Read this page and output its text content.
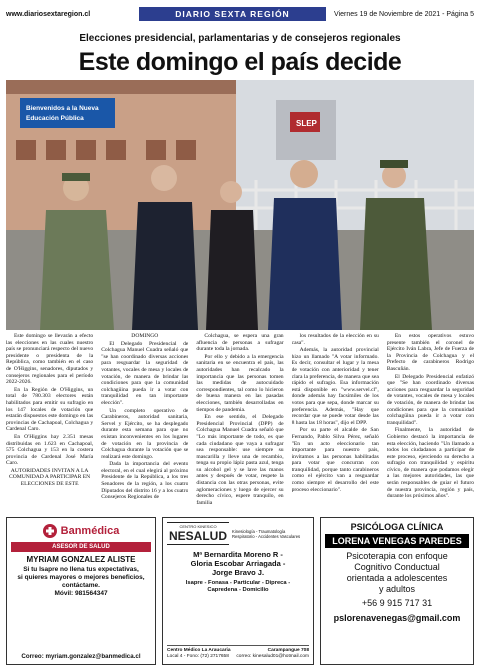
www.diariosextaregion.cl	DIARIO SEXTA REGIÓN	Viernes 19 de Noviembre de 2021 - Página 5
Elecciones presidencial, parlamentarias y de consejeros regionales
Este domingo el país decide
Bienvenidos a la Nueva
Educación Pública
SLEP

Este domingo se llevarán a efecto las elecciones en las cuales nuestro país se pronunciará respecto del nuevo presidente o presidenta de la República, como también en el caso de O'Higgins, senadores, diputados y consejeros regionales para el período 2022-2026.

En la Región de O'Higgins, un total de 780.303 electores están habilitados para emitir su sufragio en los 147 locales de votación que estarán dispuestos este domingo en las provincias de Cachapoal, Colchagua y Cardenal Caro.

En O'Higgins hay 2.351 mesas distribuidas en 1.623 en Cachapoal, 575 Colchagua y 153 en la costera provincia de Cardenal José María Caro.

AUTORIDADES INVITAN A LA COMUNIDAD A PARTICIPAR EN ELECCIONES DE ESTE

DOMINGO

El Delegado Presidencial de Colchagua Manuel Cuadra señaló que "se han coordinado diversas acciones para resguardar la seguridad de votantes, vocales de mesa y locales de votación, de manera de brindar las condiciones para que la comunidad colchagüina pueda ir a votar con tranquilidad en tan importante elección".

Un completo operativo de Carabineros, autoridad sanitaria, Servel y Ejército, se ha desplegado durante esta semana para que no existan inconvenientes en los lugares de votación en la provincia de Colchagua durante la votación que se realizará este domingo.

Dada la importancia del evento electoral, en el cual elegirá al próximo Presidente de la República, a los tres Senadores de la región, a los cuatro Diputados del distrito 16 y a los cuatro Consejeros Regionales de

Colchagua, se espera una gran afluencia de personas a sufragar durante toda la jornada.

Por ello y debido a la emergencia sanitaria en se encuentra el país, las autoridades han recalcado la importancia que las personas tomen las medidas de autocuidado correspondientes, tal como lo hicieron de buena manera en las pasadas elecciones, también desarrolladas en tiempos de pandemia.

En ese sentido, el Delegado Presidencial Provincial (DPP) de Colchagua Manuel Cuadra señaló que "Lo más importante de todo, es que cada ciudadano que vaya a sufragar sea responsable: use siempre su mascarilla y lleve una de recambio, tenga su propio lápiz pasta azul, tenga su alcohol gel y se lave las manos antes y después de votar, respete la distancia con las otras personas, evite aglomeraciones y luego de ejercer su derecho cívico, espere tranquilo, en familia

los resultados de la elección en su casa".

Además, la autoridad provincial hizo un llamado "A votar informado. Es decir, consultar el lugar y la mesa de votación con anterioridad y tener clara la preferencia, de manera que sea rápido el sufragio. Esa información está disponible en "www.servel.cl", donde además hay facsímiles de los votos para que sepa, donde marcar su preferencia. Además, "Hay que recordar que se puede votar desde las 8 hasta las 18 horas", dijo el DPP.

Por su parte el alcalde de San Fernando, Pablo Silva Pérez, señaló "En un acto eleccionario tan importante para nuestro país, invitamos a las personas habilitadas para votar que concurran con tranquilidad, porque tanto carabineros como el ejército van a resguardar como siempre el desarrollo del este proceso eleccionario".

En estos operativos estuvo presente también el coronel de Ejército Iván Labra, Jefe de Fuerza de la Provincia de Colchagua y el Prefecto de carabineros Rodrigo Bascuñán.

El Delegado Presidencial enfatizó que "Se han coordinado diversas acciones para resguardar la seguridad de votantes, vocales de mesa y locales de votación, de manera de brindar las condiciones para que la comunidad colchagüina pueda ir a votar con tranquilidad".

Finalmente, la autoridad de Gobierno destacó la importancia de esta elección, haciendo "Un llamado a todos los ciudadanos a participar de este proceso, ejerciendo su derecho a sufragio con tranquilidad y espíritu cívico, de manera que podamos elegir a las mejores autoridades, las que serán responsables de guiar el futuro de nuestra provincia, región y país, durante los próximos años".

Banmédica
ASESOR DE SALUD
MYRIAM GONZALEZ ALISTE
Si tu Isapre no llena tus expectativas,
si quieres mayores o mejores beneficios,
contáctame.
Móvil: 981564347
Correo: myriam.gonzalez@banmedica.cl
CENTRO KINESICO
NESALUD	Kinesiología - Traumatología
Respiratorio - Accidentes Vasculares
Mª Bernardita Moreno R -
Gloria Escobar Arriagada -
Jorge Bravo J.
Isapre - Fonasa - Particular - Dipreca -
Capredena - Domicilio
Centro Médico La Araucaria	Carampangue 708
Local 4 - Fono: (72) 2717658 correo: kinesalud01@hotmail.com
PSICÓLOGA CLÍNICA
LORENA VENEGAS PAREDES
Psicoterapia con enfoque
Cognitivo Conductual
orientada a adolescentes
y adultos
+56 9 915 717 31
pslorenavenegas@gmail.com
